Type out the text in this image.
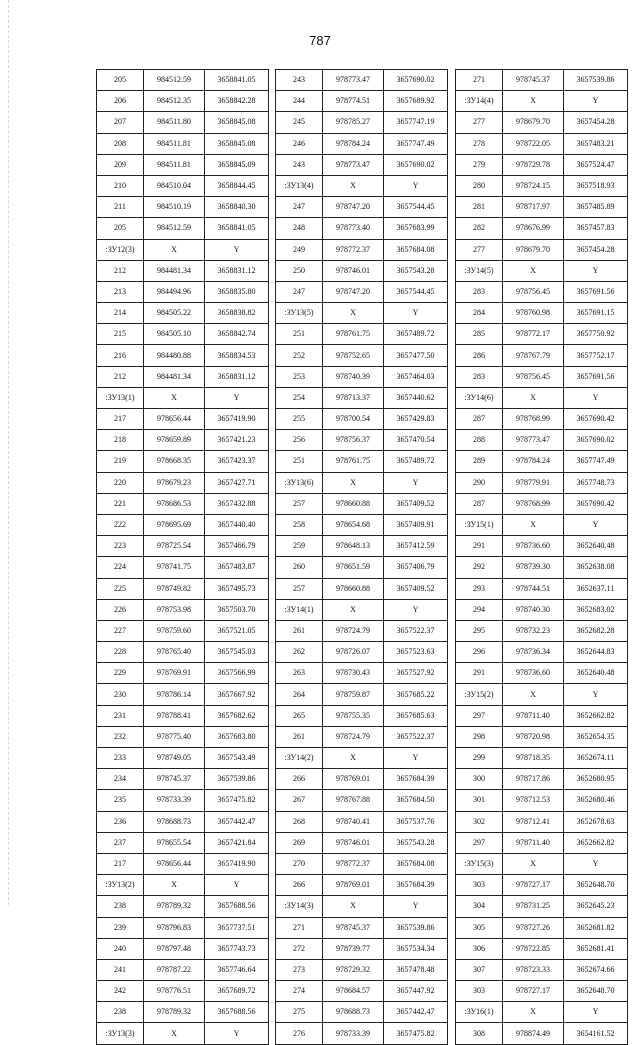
787
205	984512.59	3658841.05
206	984512.35	3658842.28
207	984511.80	3658845.08
208	984511.81	3658845.08
209	984511.81	3658845.09
210	984510.04	3658844.45
211	984510.19	3658840.30
205	984512.59	3658841.05
:ЗУ12(3)	X	Y
212	984481.34	3658831.12
213	984494.96	3658835.80
214	984505.22	3658838.82
215	984505.10	3658842.74
216	984480.88	3658834.53
212	984481.34	3658831.12
:ЗУ13(1)	X	Y
217	978656.44	3657419.90
218	978659.89	3657421.23
219	978668.35	3657423.37
220	978679.23	3657427.71
221	978686.53	3657432.88
222	978695.69	3657440.40
223	978725.54	3657466.79
224	978741.75	3657483.87
225	978749.82	3657495.73
226	978753.98	3657503.70
227	978759.60	3657521.05
228	978765.40	3657545.03
229	978769.91	3657566.99
230	978786.14	3657667.92
231	978788.41	3657682.62
232	978775.40	3657683.80
233	978749.05	3657543.49
234	978745.37	3657539.86
235	978733.39	3657475.82
236	978688.73	3657442.47
237	978655.54	3657421.84
217	978656.44	3657419.90
:ЗУ13(2)	X	Y
238	978789.32	3657688.56
239	978796.83	3657737.51
240	978797.48	3657743.73
241	978787.22	3657746.64
242	978776.51	3657689.72
238	978789.32	3657688.56
:ЗУ13(3)	X	Y
243	978773.47	3657690.02
244	978774.51	3657689.92
245	978785.27	3657747.19
246	978784.24	3657747.49
243	978773.47	3657690.02
:ЗУ13(4)	X	Y
247	978747.20	3657544.45
248	978773.40	3657683.99
249	978772.37	3657684.08
250	978746.01	3657543.28
247	978747.20	3657544.45
:ЗУ13(5)	X	Y
251	978761.75	3657489.72
252	978752.65	3657477.50
253	978740.39	3657464.03
254	978713.37	3657440.62
255	978700.54	3657429.83
256	978756.37	3657470.54
251	978761.75	3657489.72
:ЗУ13(6)	X	Y
257	978660.88	3657409.52
258	978654.68	3657409.91
259	978648.13	3657412.59
260	978651.59	3657406.79
257	978660.88	3657409.52
:ЗУ14(1)	X	Y
261	978724.79	3657522.37
262	978726.07	3657523.63
263	978730.43	3657527.92
264	978759.87	3657685.22
265	978755.35	3657685.63
261	978724.79	3657522.37
:ЗУ14(2)	X	Y
266	978769.01	3657684.39
267	978767.88	3657684.50
268	978740.41	3657537.76
269	978746.01	3657543.28
270	978772.37	3657684.08
266	978769.01	3657684.39
:ЗУ14(3)	X	Y
271	978745.37	3657539.86
272	978739.77	3657534.34
273	978729.32	3657478.48
274	978684.57	3657447.92
275	978688.73	3657442.47
276	978733.39	3657475.82
271	978745.37	3657539.86
:ЗУ14(4)	X	Y
277	978679.70	3657454.28
278	978722.05	3657483.21
279	978729.78	3657524.47
280	978724.15	3657518.93
281	978717.97	3657485.89
282	978676.99	3657457.83
277	978679.70	3657454.28
:ЗУ14(5)	X	Y
283	978756.45	3657691.56
284	978760.98	3657691.15
285	978772.17	3657750.92
286	978767.79	3657752.17
283	978756.45	3657691.56
:ЗУ14(6)	X	Y
287	978768.99	3657690.42
288	978773.47	3657690.02
289	978784.24	3657747.49
290	978779.91	3657748.73
287	978768.99	3657690.42
:ЗУ15(1)	X	Y
291	978736.60	3652640.48
292	978739.30	3652638.08
293	978744.51	3652637.11
294	978740.30	3652683.02
295	978732.23	3652682.28
296	978736.34	3652644.83
291	978736.60	3652640.48
:ЗУ15(2)	X	Y
297	978711.40	3652662.82
298	978720.98	3652654.35
299	978718.35	3652674.11
300	978717.86	3652680.95
301	978712.53	3652680.46
302	978712.41	3652678.63
297	978711.40	3652662.82
:ЗУ15(3)	X	Y
303	978727.17	3652648.70
304	978731.25	3652645.23
305	978727.26	3652681.82
306	978722.85	3652681.41
307	978723.33	3652674.66
303	978727.17	3652648.70
:ЗУ16(1)	X	Y
308	978874.49	3654161.52
